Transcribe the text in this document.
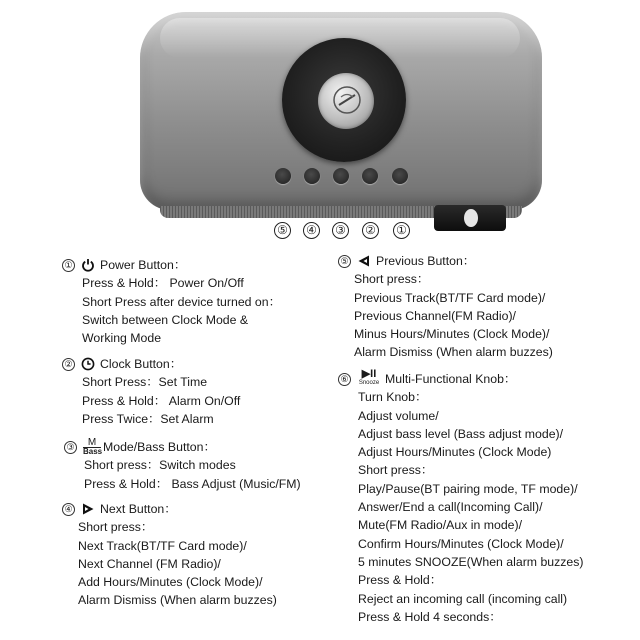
⑤ ④ ③ ② ①
① Power Button：
Press & Hold： Power On/Off
Short Press after device turned on：
Switch between Clock Mode &
Working Mode
② Clock Button：
Short Press：Set Time
Press & Hold： Alarm On/Off
Press Twice：Set Alarm
③	M
Bass Mode/Bass Button：
Short press：Switch modes
Press & Hold： Bass Adjust (Music/FM)
④ Next Button：
Short press：
Next Track(BT/TF Card mode)/
Next Channel (FM Radio)/
Add Hours/Minutes (Clock Mode)/
Alarm Dismiss (When alarm buzzes)
⑤ Previous Button：
Short press：
Previous Track(BT/TF Card mode)/
Previous Channel(FM Radio)/
Minus Hours/Minutes (Clock Mode)/
Alarm Dismiss (When alarm buzzes)
⑥	▶II
Snooze Multi-Functional Knob：
Turn Knob：
Adjust volume/
Adjust bass level (Bass adjust mode)/
Adjust Hours/Minutes (Clock Mode)
Short press：
Play/Pause(BT pairing mode, TF mode)/
Answer/End a call(Incoming Call)/
Mute(FM Radio/Aux in mode)/
Confirm Hours/Minutes (Clock Mode)/
5 minutes SNOOZE(When alarm buzzes)
Press & Hold：
Reject an incoming call (incoming call)
Press & Hold 4 seconds：
